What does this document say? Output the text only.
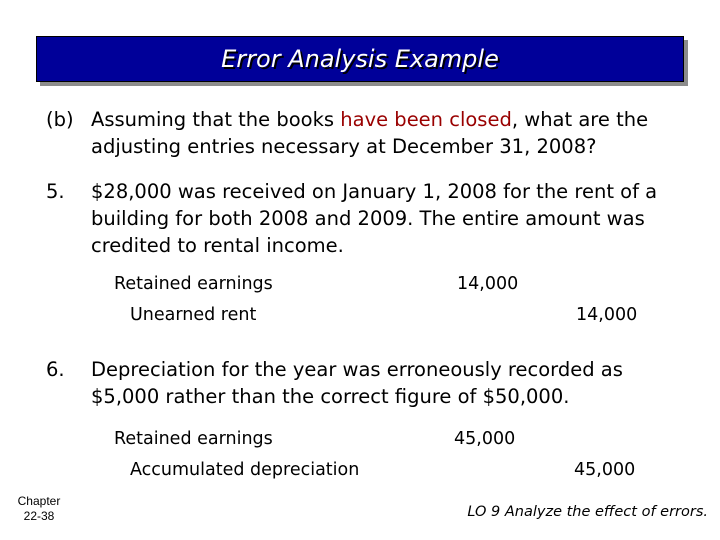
Error Analysis Example
(b) Assuming that the books have been closed, what are the adjusting entries necessary at December 31, 2008?
5. $28,000 was received on January 1, 2008 for the rent of a building for both 2008 and 2009. The entire amount was credited to rental income.
Retained earnings	14,000
Unearned rent	14,000
6. Depreciation for the year was erroneously recorded as $5,000 rather than the correct figure of $50,000.
Retained earnings	45,000
Accumulated depreciation	45,000
Chapter
22-38	LO 9 Analyze the effect of errors.
